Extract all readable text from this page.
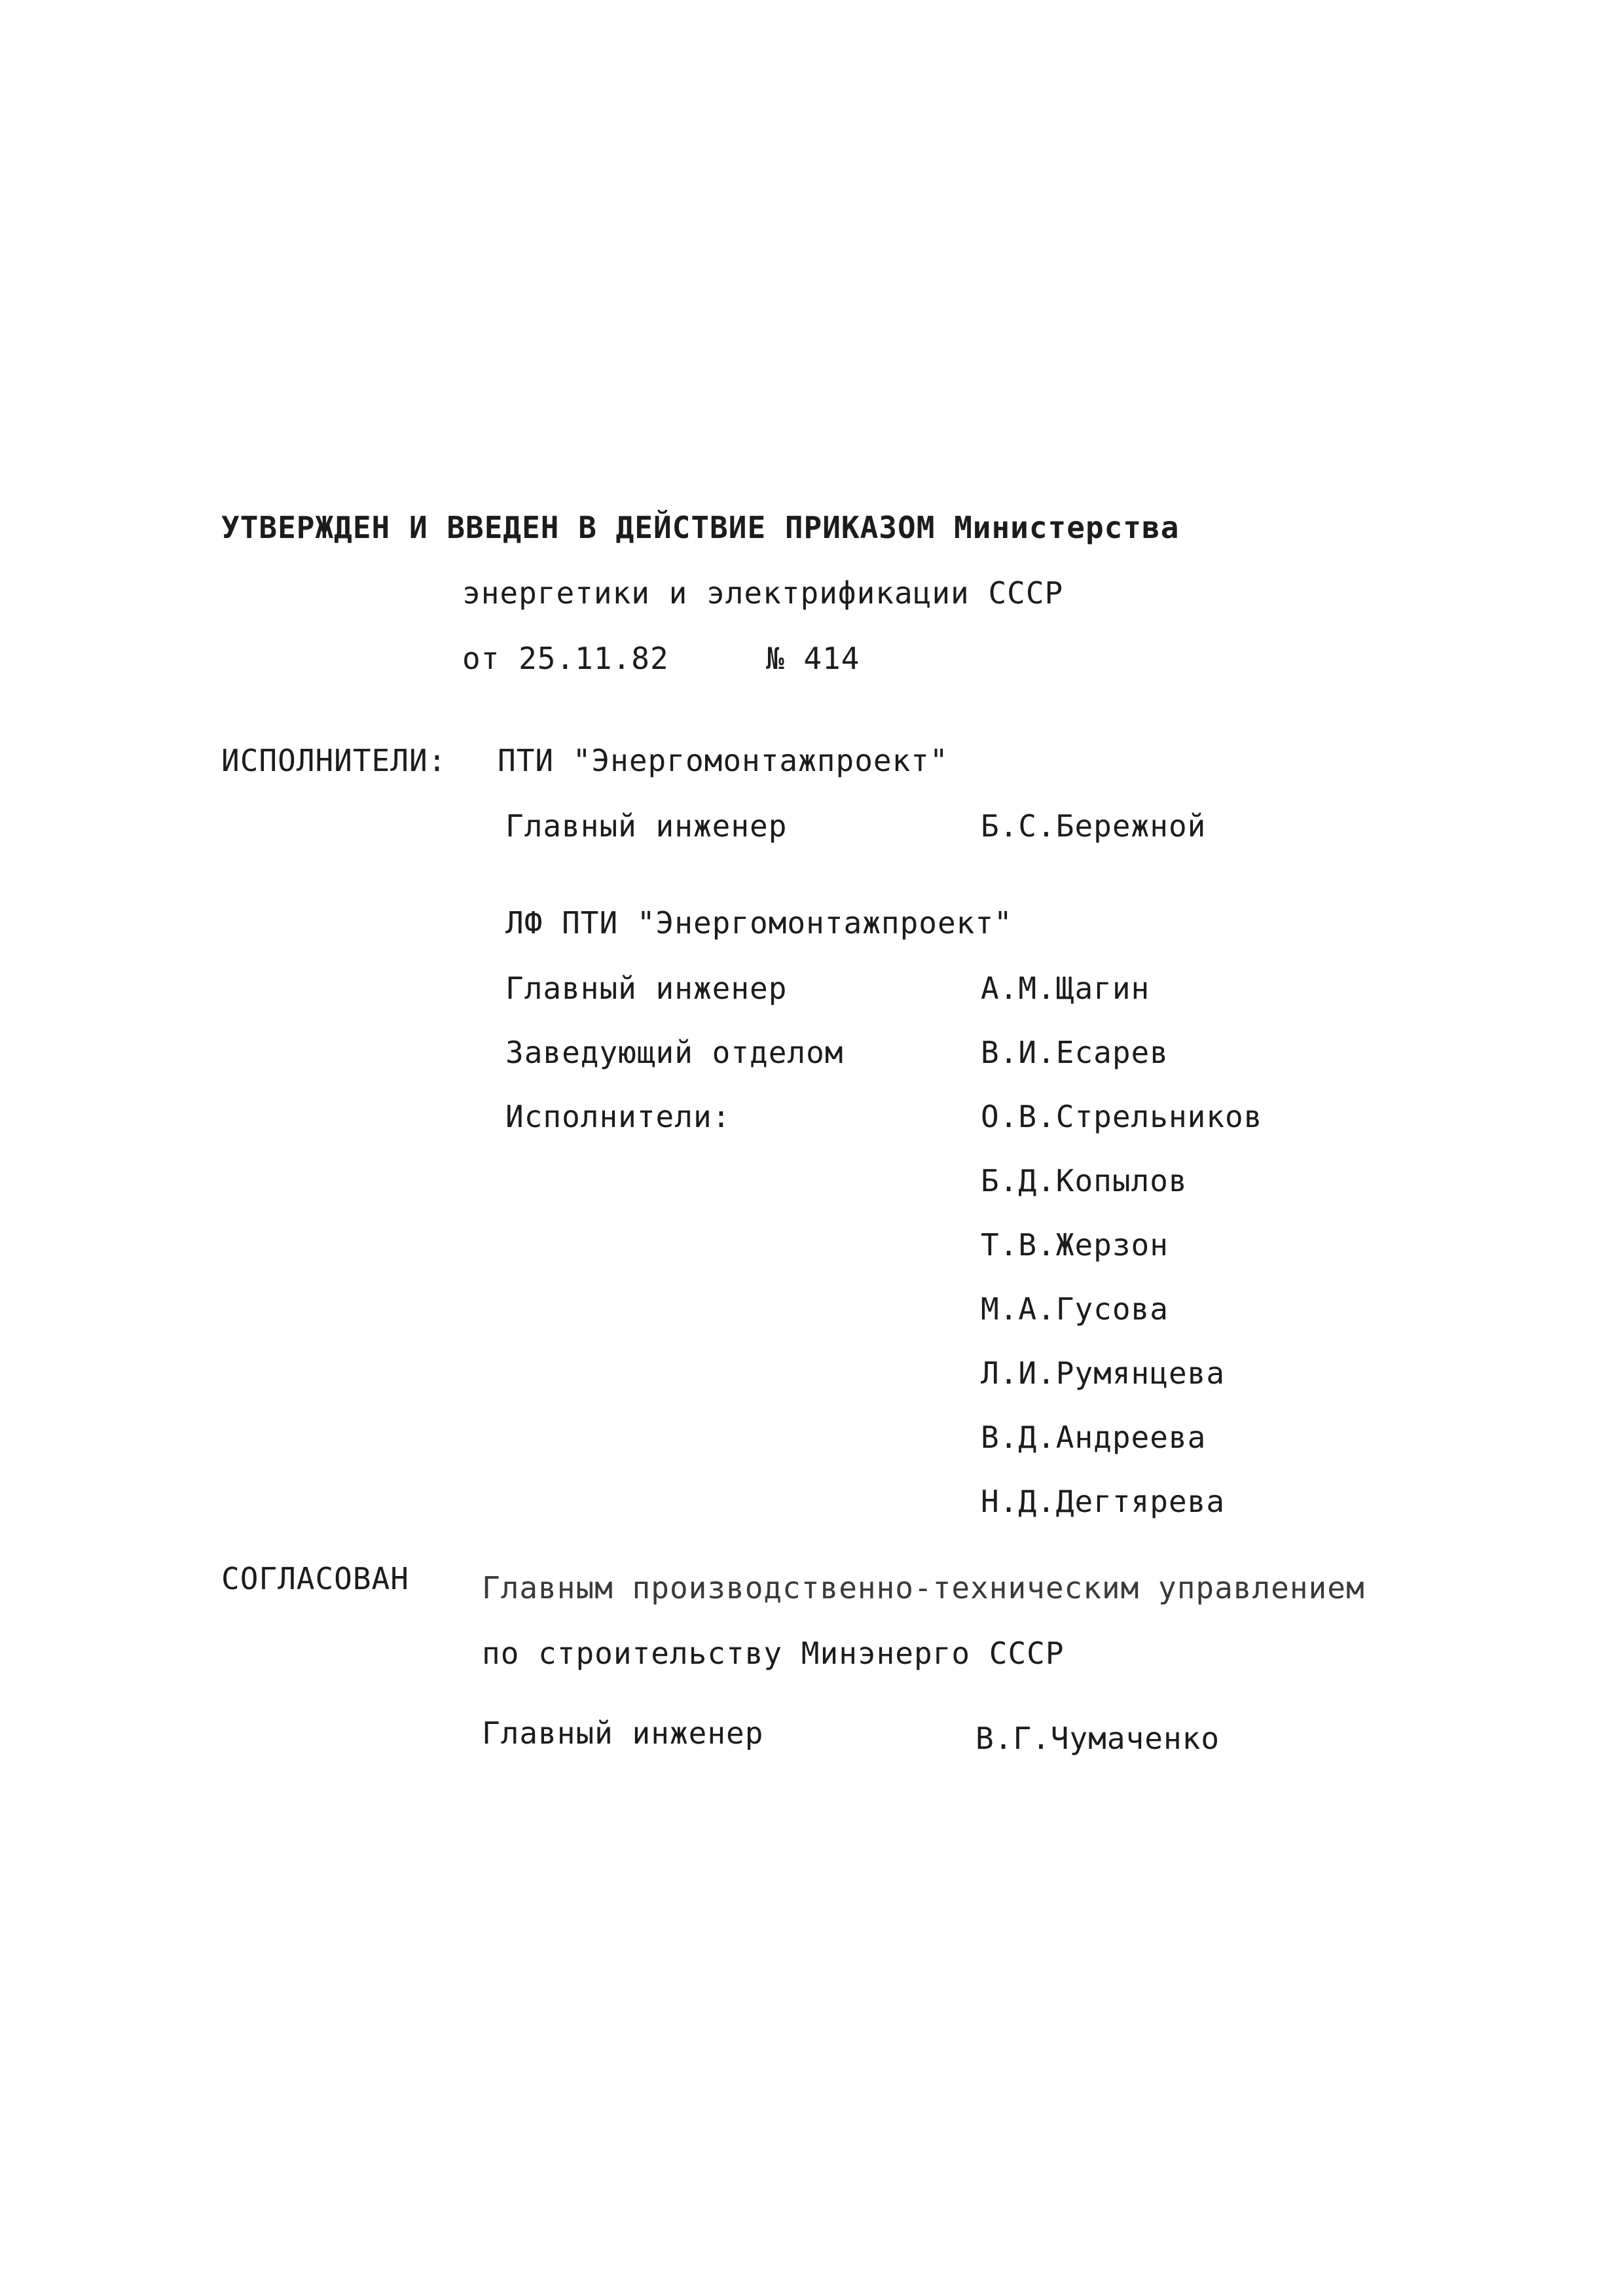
УТВЕРЖДЕН И ВВЕДЕН В ДЕЙСТВИЕ ПРИКАЗОМ Министерства
энергетики и электрификации СССР
от 25.11.82	№ 414
ИСПОЛНИТЕЛИ: ПТИ "Энергомонтажпроект"
Главный инженер	Б.С.Бережной
ЛФ ПТИ "Энергомонтажпроект"
Главный инженер	А.М.Щагин
Заведующий отделом	В.И.Есарев
Исполнители:	О.В.Стрельников
Б.Д.Копылов
Т.В.Жерзон
М.А.Гусова
Л.И.Румянцева
В.Д.Андреева
Н.Д.Дегтярева
СОГЛАСОВАН Главным производственно-техническим управлением
по строительству Минэнерго СССР
Главный инженер	В.Г.Чумаченко
